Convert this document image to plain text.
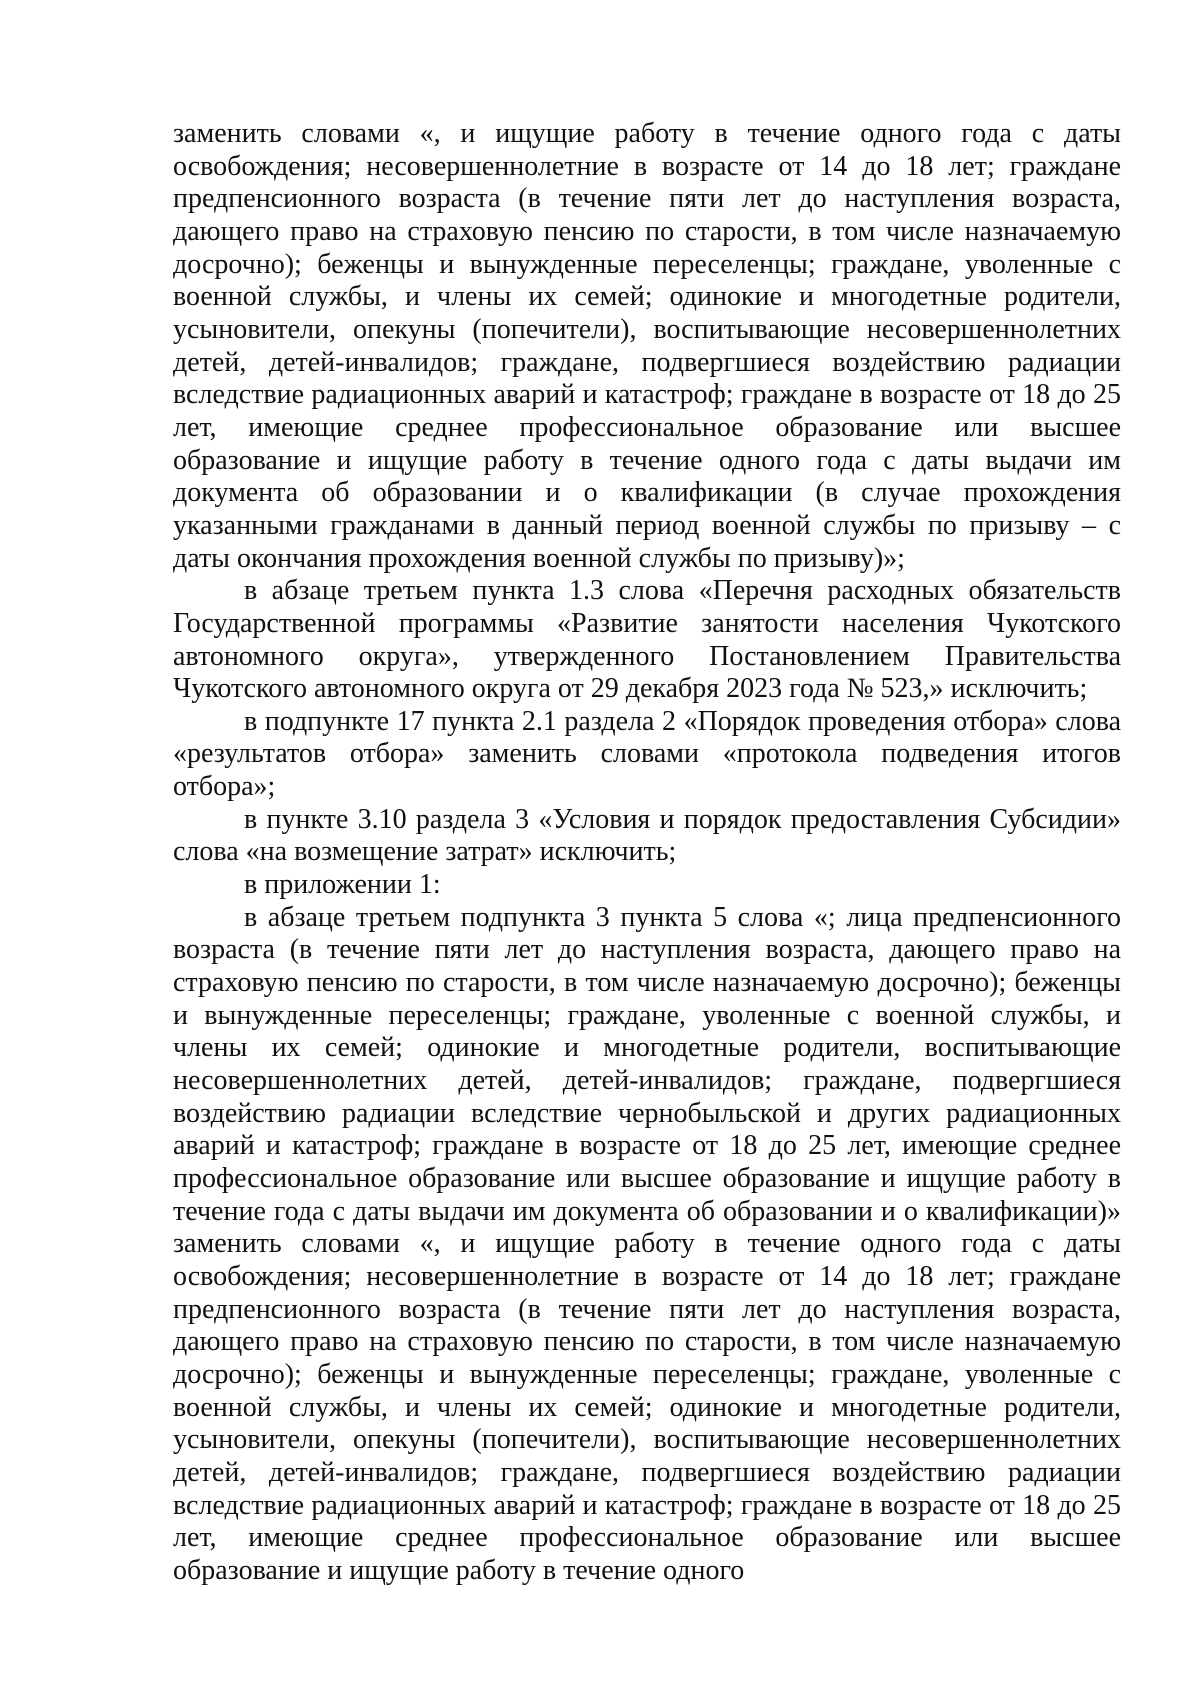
заменить словами «, и ищущие работу в течение одного года с даты освобождения; несовершеннолетние в возрасте от 14 до 18 лет; граждане предпенсионного возраста (в течение пяти лет до наступления возраста, дающего право на страховую пенсию по старости, в том числе назначаемую досрочно); беженцы и вынужденные переселенцы; граждане, уволенные с военной службы, и члены их семей; одинокие и многодетные родители, усыновители, опекуны (попечители), воспитывающие несовершеннолетних детей, детей-инвалидов; граждане, подвергшиеся воздействию радиации вследствие радиационных аварий и катастроф; граждане в возрасте от 18 до 25 лет, имеющие среднее профессиональное образование или высшее образование и ищущие работу в течение одного года с даты выдачи им документа об образовании и о квалификации (в случае прохождения указанными гражданами в данный период военной службы по призыву – с даты окончания прохождения военной службы по призыву)»;

в абзаце третьем пункта 1.3 слова «Перечня расходных обязательств Государственной программы «Развитие занятости населения Чукотского автономного округа», утвержденного Постановлением Правительства Чукотского автономного округа от 29 декабря 2023 года № 523,» исключить;

в подпункте 17 пункта 2.1 раздела 2 «Порядок проведения отбора» слова «результатов отбора» заменить словами «протокола подведения итогов отбора»;

в пункте 3.10 раздела 3 «Условия и порядок предоставления Субсидии» слова «на возмещение затрат» исключить;

в приложении 1:

в абзаце третьем подпункта 3 пункта 5 слова «; лица предпенсионного возраста (в течение пяти лет до наступления возраста, дающего право на страховую пенсию по старости, в том числе назначаемую досрочно); беженцы и вынужденные переселенцы; граждане, уволенные с военной службы, и члены их семей; одинокие и многодетные родители, воспитывающие несовершеннолетних детей, детей-инвалидов; граждане, подвергшиеся воздействию радиации вследствие чернобыльской и других радиационных аварий и катастроф; граждане в возрасте от 18 до 25 лет, имеющие среднее профессиональное образование или высшее образование и ищущие работу в течение года с даты выдачи им документа об образовании и о квалификации)» заменить словами «, и ищущие работу в течение одного года с даты освобождения; несовершеннолетние в возрасте от 14 до 18 лет; граждане предпенсионного возраста (в течение пяти лет до наступления возраста, дающего право на страховую пенсию по старости, в том числе назначаемую досрочно); беженцы и вынужденные переселенцы; граждане, уволенные с военной службы, и члены их семей; одинокие и многодетные родители, усыновители, опекуны (попечители), воспитывающие несовершеннолетних детей, детей-инвалидов; граждане, подвергшиеся воздействию радиации вследствие радиационных аварий и катастроф; граждане в возрасте от 18 до 25 лет, имеющие среднее профессиональное образование или высшее образование и ищущие работу в течение одного
